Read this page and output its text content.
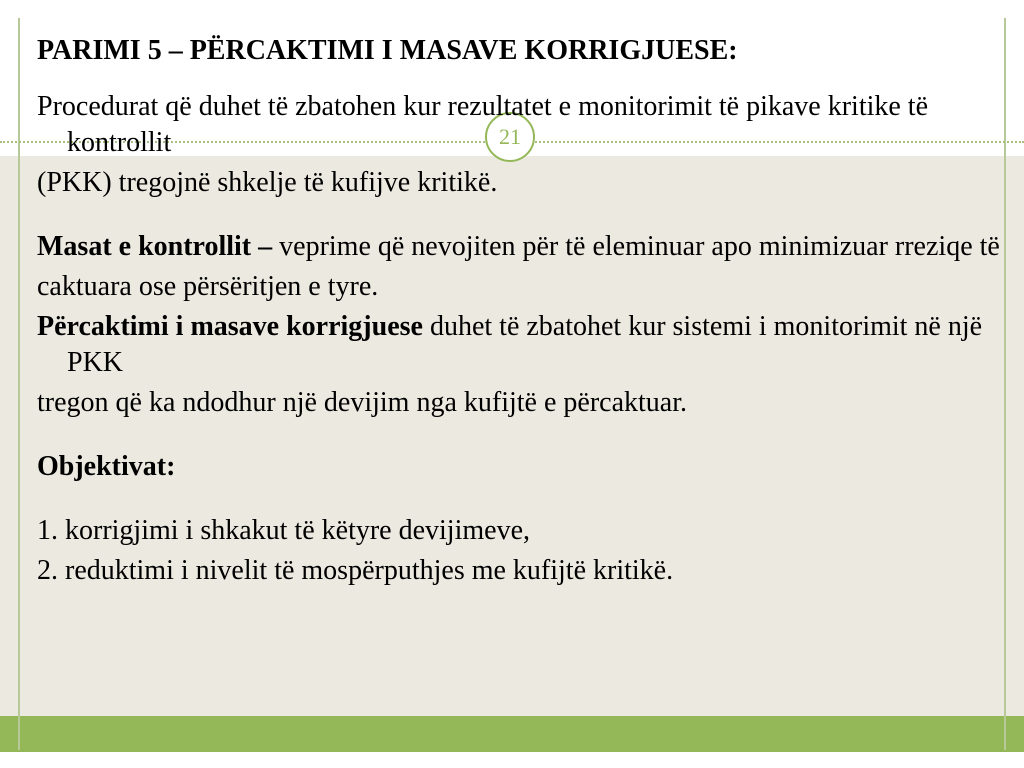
21

PARIMI 5 – PËRCAKTIMI I MASAVE KORRIGJUESE:

Procedurat që duhet të zbatohen kur rezultatet e monitorimit të pikave kritike të kontrollit

(PKK) tregojnë shkelje të kufijve kritikë.

Masat e kontrollit – veprime që nevojiten për të eleminuar apo minimizuar rreziqe të

caktuara ose përsëritjen e tyre.

Përcaktimi i masave korrigjuese duhet të zbatohet kur sistemi i monitorimit në një PKK

tregon që ka ndodhur një devijim nga kufijtë e përcaktuar.

Objektivat:

1. korrigjimi i shkakut të këtyre devijimeve,

2. reduktimi i nivelit të mospërputhjes me kufijtë kritikë.
